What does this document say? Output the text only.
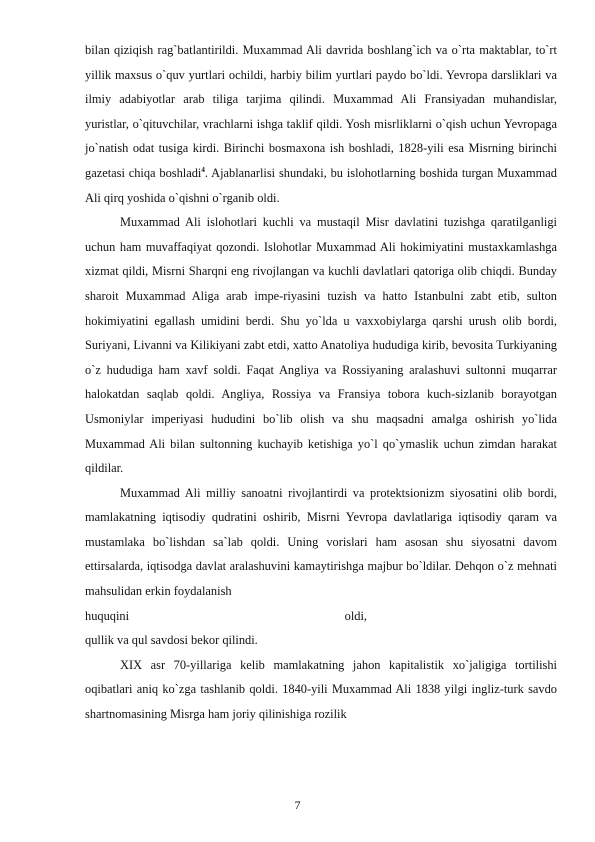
bilan qiziqish rag`batlantirildi. Muxammad Ali davrida boshlang`ich va o`rta maktablar, to`rt yillik maxsus o`quv yurtlari ochildi, harbiy bilim yurtlari paydo bo`ldi. Yevropa darsliklari va ilmiy adabiyotlar arab tiliga tarjima qilindi. Muxammad Ali Fransiyadan muhandislar, yuristlar, o`qituvchilar, vrachlarni ishga taklif qildi. Yosh misrliklarni o`qish uchun Yevropaga jo`natish odat tusiga kirdi. Birinchi bosmaxona ish boshladi, 1828-yili esa Misrning birinchi gazetasi chiqa boshladi$^4$. Ajablanarlisi shundaki, bu islohotlarning boshida turgan Muxammad Ali qirq yoshida o`qishni o`rganib oldi.

Muxammad Ali islohotlari kuchli va mustaqil Misr davlatini tuzishga qaratilganligi uchun ham muvaffaqiyat qozondi. Islohotlar Muxammad Ali hokimiyatini mustaxkamlashga xizmat qildi, Misrni Sharqni eng rivojlangan va kuchli davlatlari qatoriga olib chiqdi. Bunday sharoit Muxammad Aliga arab impe-riyasini tuzish va hatto Istanbulni zabt etib, sulton hokimiyatini egallash umidini berdi. Shu yo`lda u vaxxobiylarga qarshi urush olib bordi, Suriyani, Livanni va Kilikiyani zabt etdi, xatto Anatoliya hududiga kirib, bevosita Turkiyaning o`z hududiga ham xavf soldi. Faqat Angliya va Rossiyaning aralashuvi sultonni muqarrar halokatdan saqlab qoldi. Angliya, Rossiya va Fransiya tobora kuch-sizlanib borayotgan Usmoniylar imperiyasi hududini bo`lib olish va shu maqsadni amalga oshirish yo`lida Muxammad Ali bilan sultonning kuchayib ketishiga yo`l qo`ymaslik uchun zimdan harakat qildilar.

Muxammad Ali milliy sanoatni rivojlantirdi va protektsionizm siyosatini olib bordi, mamlakatning iqtisodiy qudratini oshirib, Misrni Yevropa davlatlariga iqtisodiy qaram va mustamlaka bo`lishdan sa`lab qoldi. Uning vorislari ham asosan shu siyosatni davom ettirsalarda, iqtisodga davlat aralashuvini kamaytirishga majbur bo`ldilar. Dehqon o`z mehnati mahsulidan erkin foydalanish

huquqini	oldi,
qullik va qul savdosi bekor qilindi.

XIX asr 70-yillariga kelib mamlakatning jahon kapitalistik xo`jaligiga tortilishi oqibatlari aniq ko`zga tashlanib qoldi. 1840-yili Muxammad Ali 1838 yilgi ingliz-turk savdo shartnomasining Misrga ham joriy qilinishiga rozilik

7
